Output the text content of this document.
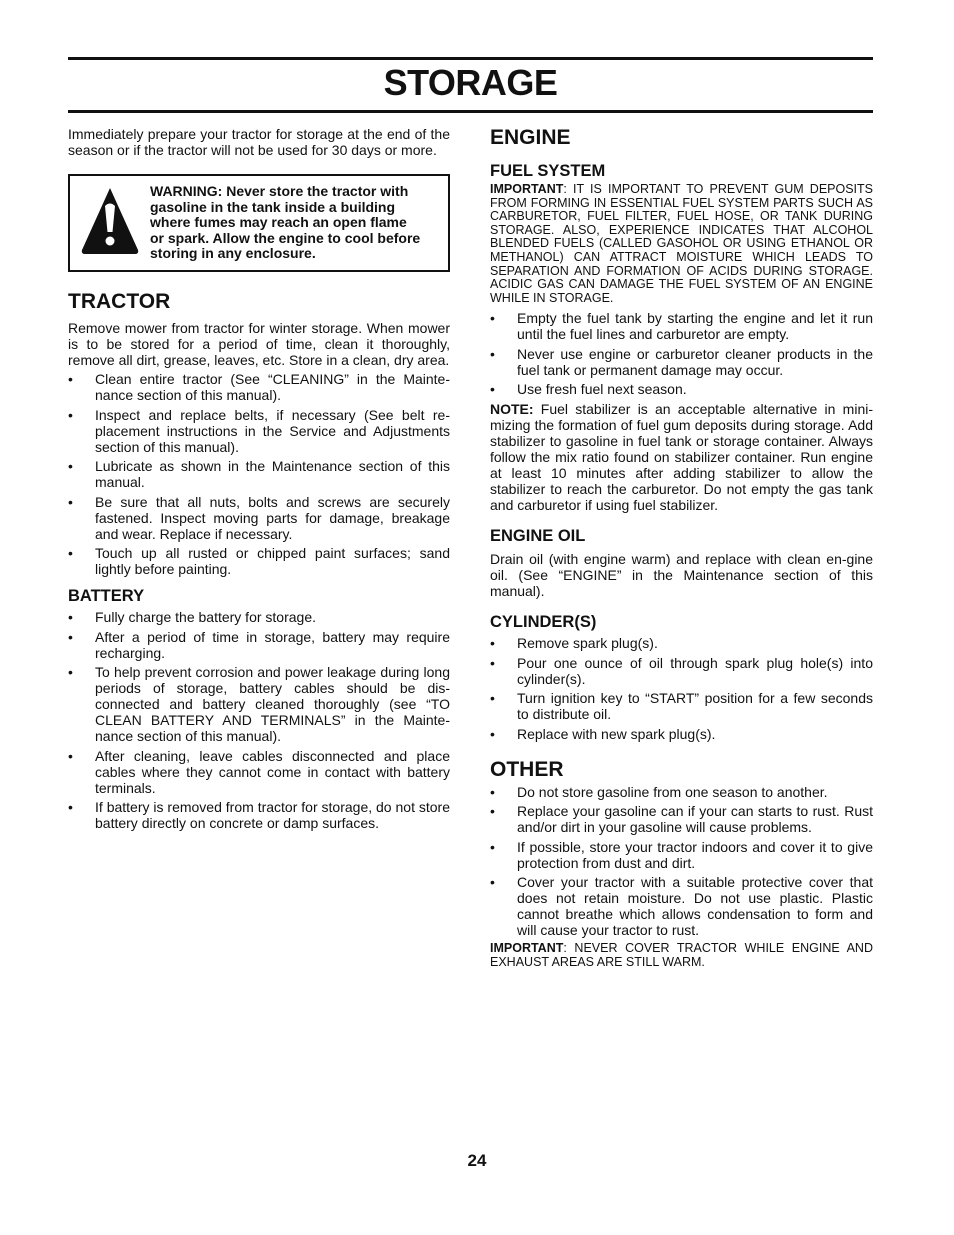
STORAGE

Immediately prepare your tractor for storage at the end of the season or if the tractor will not be used for 30 days or more.

WARNING: Never store the tractor with gasoline in the tank inside a building where fumes may reach an open flame or spark. Allow the engine to cool before storing in any enclosure.
TRACTOR

Remove mower from tractor for winter storage. When mower is to be stored for a period of time, clean it thoroughly, remove all dirt, grease, leaves, etc. Store in a clean, dry area.

• Clean entire tractor (See “CLEANING” in the Mainte-nance section of this manual).
• Inspect and replace belts, if necessary (See belt re-placement instructions in the Service and Adjustments section of this manual).
• Lubricate as shown in the Maintenance section of this manual.
• Be sure that all nuts, bolts and screws are securely fastened. Inspect moving parts for damage, breakage and wear. Replace if necessary.
• Touch up all rusted or chipped paint surfaces; sand lightly before painting.
BATTERY
• Fully charge the battery for storage.
• After a period of time in storage, battery may require recharging.
• To help prevent corrosion and power leakage during long periods of storage, battery cables should be dis-connected and battery cleaned thoroughly (see “TO CLEAN BATTERY AND TERMINALS” in the Mainte-nance section of this manual).
• After cleaning, leave cables disconnected and place cables where they cannot come in contact with battery terminals.
• If battery is removed from tractor for storage, do not store battery directly on concrete or damp surfaces.
ENGINE
FUEL SYSTEM

IMPORTANT: IT IS IMPORTANT TO PREVENT GUM DEPOSITS FROM FORMING IN ESSENTIAL FUEL SYSTEM PARTS SUCH AS CARBURETOR, FUEL FILTER, FUEL HOSE, OR TANK DURING STORAGE. ALSO, EXPERIENCE INDICATES THAT ALCOHOL BLENDED FUELS (CALLED GASOHOL OR USING ETHANOL OR METHANOL) CAN ATTRACT MOISTURE WHICH LEADS TO SEPARATION AND FORMATION OF ACIDS DURING STORAGE. ACIDIC GAS CAN DAMAGE THE FUEL SYSTEM OF AN ENGINE WHILE IN STORAGE.

• Empty the fuel tank by starting the engine and let it run until the fuel lines and carburetor are empty.
• Never use engine or carburetor cleaner products in the fuel tank or permanent damage may occur.
• Use fresh fuel next season.

NOTE: Fuel stabilizer is an acceptable alternative in mini-mizing the formation of fuel gum deposits during storage. Add stabilizer to gasoline in fuel tank or storage container. Always follow the mix ratio found on stabilizer container. Run engine at least 10 minutes after adding stabilizer to allow the stabilizer to reach the carburetor. Do not empty the gas tank and carburetor if using fuel stabilizer.

ENGINE OIL

Drain oil (with engine warm) and replace with clean en-gine oil. (See “ENGINE” in the Maintenance section of this manual).

CYLINDER(S)
• Remove spark plug(s).
• Pour one ounce of oil through spark plug hole(s) into cylinder(s).
• Turn ignition key to “START” position for a few seconds to distribute oil.
• Replace with new spark plug(s).
OTHER
• Do not store gasoline from one season to another.
• Replace your gasoline can if your can starts to rust. Rust and/or dirt in your gasoline will cause problems.
• If possible, store your tractor indoors and cover it to give protection from dust and dirt.
• Cover your tractor with a suitable protective cover that does not retain moisture. Do not use plastic. Plastic cannot breathe which allows condensation to form and will cause your tractor to rust.

IMPORTANT: NEVER COVER TRACTOR WHILE ENGINE AND EXHAUST AREAS ARE STILL WARM.

24
